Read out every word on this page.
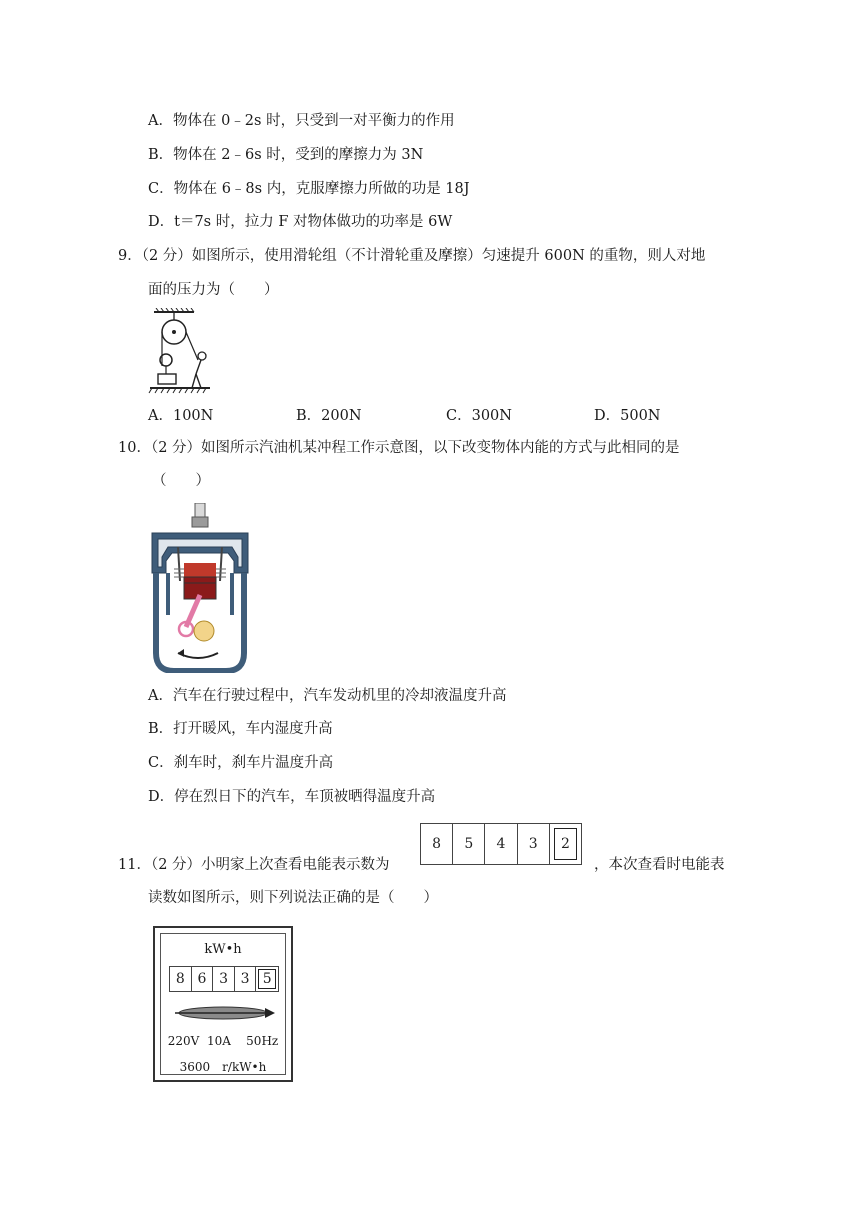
A．物体在 0﹣2s 时，只受到一对平衡力的作用
B．物体在 2﹣6s 时，受到的摩擦力为 3N
C．物体在 6﹣8s 内，克服摩擦力所做的功是 18J
D．t＝7s 时，拉力 F 对物体做功的功率是 6W
9．（2 分）如图所示，使用滑轮组（不计滑轮重及摩擦）匀速提升 600N 的重物，则人对地
面的压力为（　　）
A．100N	B．200N	C．300N	D．500N
10．（2 分）如图所示汽油机某冲程工作示意图，以下改变物体内能的方式与此相同的是
（　　）
A．汽车在行驶过程中，汽车发动机里的冷却液温度升高
B．打开暖风，车内湿度升高
C．刹车时，刹车片温度升高
D．停在烈日下的汽车，车顶被晒得温度升高
11．（2 分）小明家上次查看电能表示数为
8	5	4	3	2
，本次查看时电能表
读数如图所示，则下列说法正确的是（　　）
kW•h
8 6 3 3 5
220V 10A 50Hz
3600　r/kW•h
